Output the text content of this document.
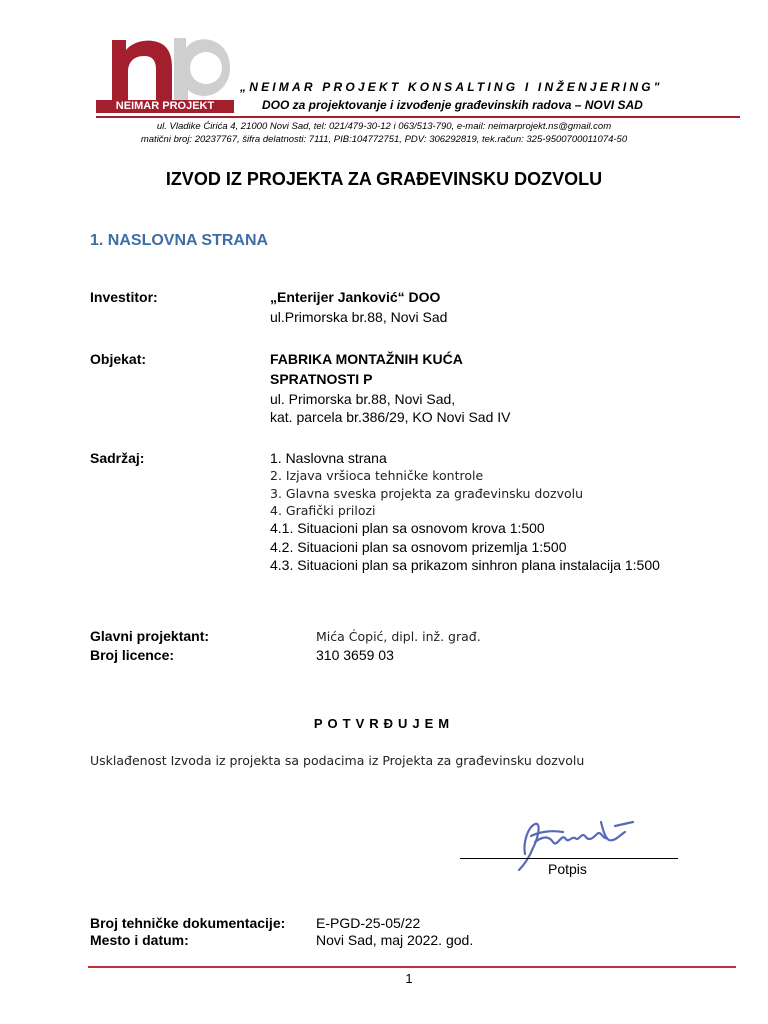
NEIMAR PROJEKT
„NEIMAR PROJEKT KONSALTING I INŽENJERING"
DOO za projektovanje i izvođenje građevinskih radova – NOVI SAD
ul. Vladike Ćirića 4, 21000 Novi Sad, tel: 021/479-30-12 i 063/513-790, e-mail: neimarprojekt.ns@gmail.com
matični broj: 20237767, šifra delatnosti: 7111, PIB:104772751, PDV: 306292819, tek.račun: 325-9500700011074-50
IZVOD IZ PROJEKTA ZA GRAĐEVINSKU DOZVOLU
1. NASLOVNA STRANA
Investitor:	„Enterijer Janković“ DOO
ul.Primorska br.88, Novi Sad
Objekat:	FABRIKA MONTAŽNIH KUĆA
SPRATNOSTI P
ul. Primorska br.88, Novi Sad,
kat. parcela br.386/29, KO Novi Sad IV
Sadržaj:	1. Naslovna strana
2. Izjava vršioca tehničke kontrole
3. Glavna sveska projekta za građevinsku dozvolu
4. Grafički prilozi
4.1. Situacioni plan sa osnovom krova 1:500
4.2. Situacioni plan sa osnovom prizemlja 1:500
4.3. Situacioni plan sa prikazom sinhron plana instalacija 1:500
Glavni projektant:	Mića Ćopić, dipl. inž. građ.
Broj licence:	310 3659 03
POTVRĐUJEM
Usklađenost Izvoda iz projekta sa podacima iz Projekta za građevinsku dozvolu
Potpis
Broj tehničke dokumentacije: E-PGD-25-05/22
Mesto i datum:	Novi Sad, maj 2022. god.
1
